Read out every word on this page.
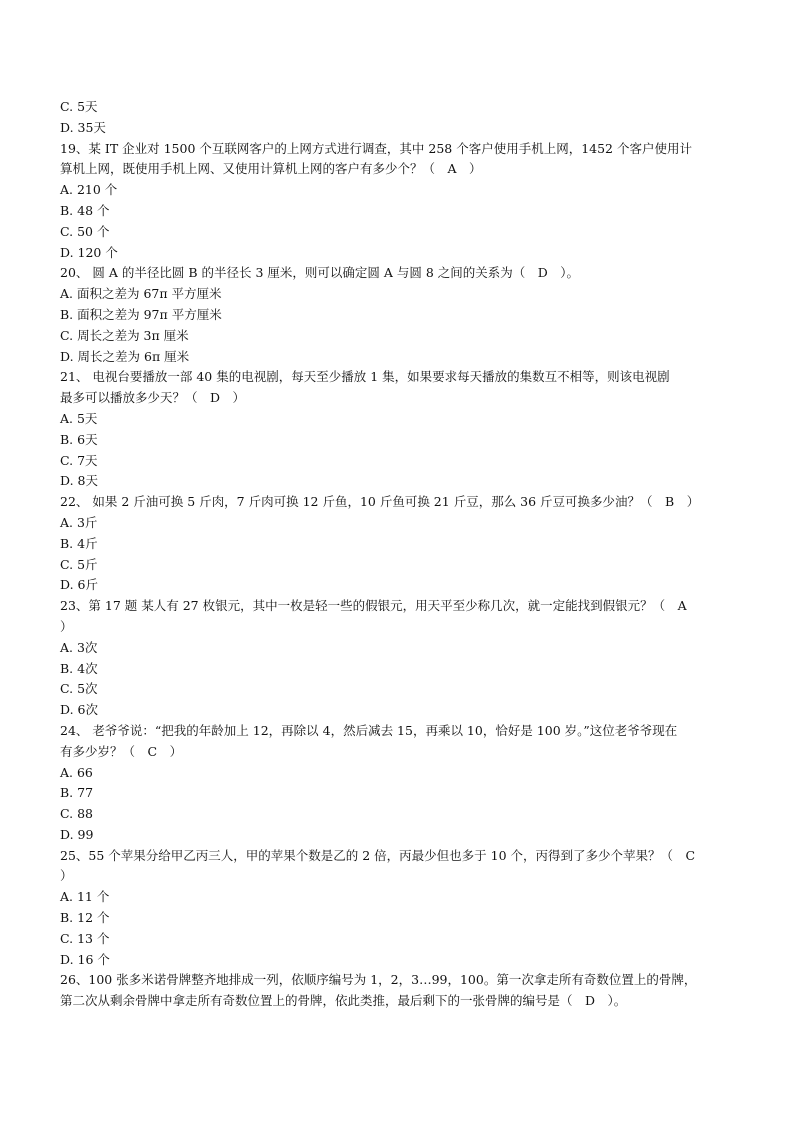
C. 5天
D. 35天
19、某 IT 企业对 1500 个互联网客户的上网方式进行调查，其中 258 个客户使用手机上网，1452 个客户使用计
算机上网，既使用手机上网、又使用计算机上网的客户有多少个？（　A　）
A. 210 个
B. 48 个
C. 50 个
D. 120 个
20、 圆 A 的半径比圆 B 的半径长 3 厘米，则可以确定圆 A 与圆 8 之间的关系为（　D　）。
A. 面积之差为 67π 平方厘米
B. 面积之差为 97π 平方厘米
C. 周长之差为 3π 厘米
D. 周长之差为 6π 厘米
21、 电视台要播放一部 40 集的电视剧，每天至少播放 1 集，如果要求每天播放的集数互不相等，则该电视剧
最多可以播放多少天？（　D　）
A. 5天
B. 6天
C. 7天
D. 8天
22、 如果 2 斤油可换 5 斤肉，7 斤肉可换 12 斤鱼，10 斤鱼可换 21 斤豆，那么 36 斤豆可换多少油？（　B　）
A. 3斤
B. 4斤
C. 5斤
D. 6斤
23、第 17 题 某人有 27 枚银元，其中一枚是轻一些的假银元，用天平至少称几次，就一定能找到假银元？（　A
）
A. 3次
B. 4次
C. 5次
D. 6次
24、 老爷爷说：“把我的年龄加上 12，再除以 4，然后减去 15，再乘以 10，恰好是 100 岁。”这位老爷爷现在
有多少岁？（　C　）
A. 66
B. 77
C. 88
D. 99
25、55 个苹果分给甲乙丙三人，甲的苹果个数是乙的 2 倍，丙最少但也多于 10 个，丙得到了多少个苹果？（　C
）
A. 11 个
B. 12 个
C. 13 个
D. 16 个
26、100 张多米诺骨牌整齐地排成一列，依顺序编号为 1，2，3…99，100。第一次拿走所有奇数位置上的骨牌，
第二次从剩余骨牌中拿走所有奇数位置上的骨牌，依此类推，最后剩下的一张骨牌的编号是（　D　）。
